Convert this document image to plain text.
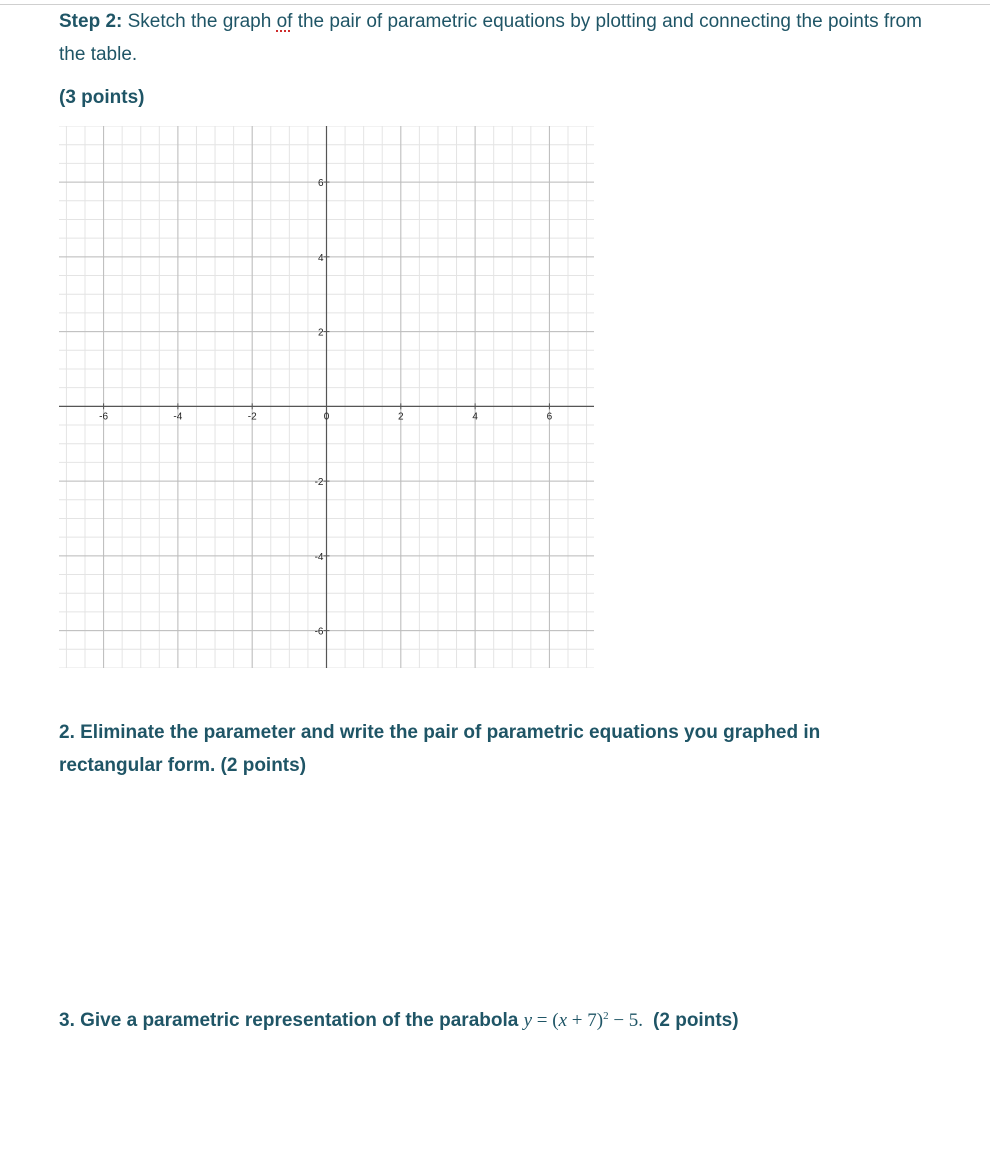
Step 2: Sketch the graph of the pair of parametric equations by plotting and connecting the points from the table.

(3 points)

-6	-4	-2	0	2	4	6
6
4
2
-2
-4
-6

2. Eliminate the parameter and write the pair of parametric equations you graphed in rectangular form. (2 points)

3. Give a parametric representation of the parabola $y = (x + 7)^2 - 5$. (2 points)
